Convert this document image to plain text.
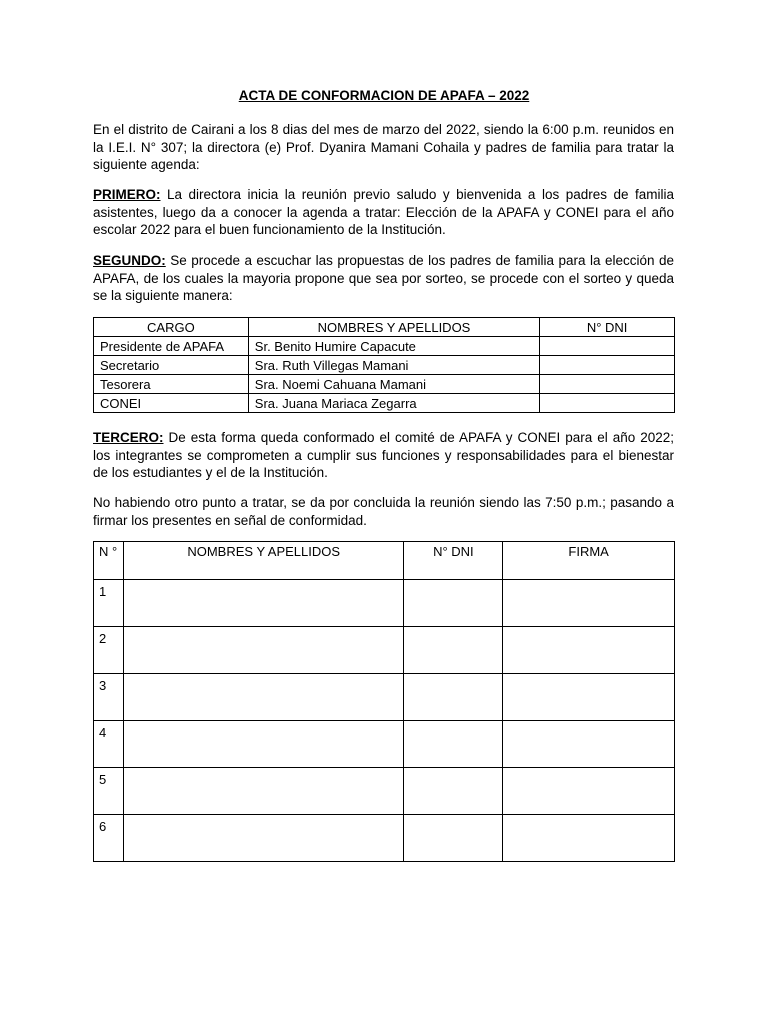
ACTA DE CONFORMACION DE APAFA – 2022
En el distrito de Cairani a los 8 dias del mes de marzo del 2022, siendo la 6:00 p.m. reunidos en la I.E.I. N° 307; la directora (e) Prof. Dyanira Mamani Cohaila y padres de familia para tratar la siguiente agenda:
PRIMERO: La directora inicia la reunión previo saludo y bienvenida a los padres de familia asistentes, luego da a conocer la agenda a tratar: Elección de la APAFA y CONEI para el año escolar 2022 para el buen funcionamiento de la Institución.
SEGUNDO: Se procede a escuchar las propuestas de los padres de familia para la elección de APAFA, de los cuales la mayoria propone que sea por sorteo, se procede con el sorteo y queda se la siguiente manera:
CARGO	NOMBRES Y APELLIDOS	N° DNI
Presidente de APAFA	Sr. Benito Humire Capacute	
Secretario	Sra. Ruth Villegas Mamani	
Tesorera	Sra. Noemi Cahuana Mamani	
CONEI	Sra. Juana Mariaca Zegarra	
TERCERO: De esta forma queda conformado el comité de APAFA y CONEI para el año 2022; los integrantes se comprometen a cumplir sus funciones y responsabilidades para el bienestar de los estudiantes y el de la Institución.
No habiendo otro punto a tratar, se da por concluida la reunión siendo las 7:50 p.m.; pasando a firmar los presentes en señal de conformidad.
N °	NOMBRES Y APELLIDOS	N° DNI	FIRMA
1			
2			
3			
4			
5			
6			
